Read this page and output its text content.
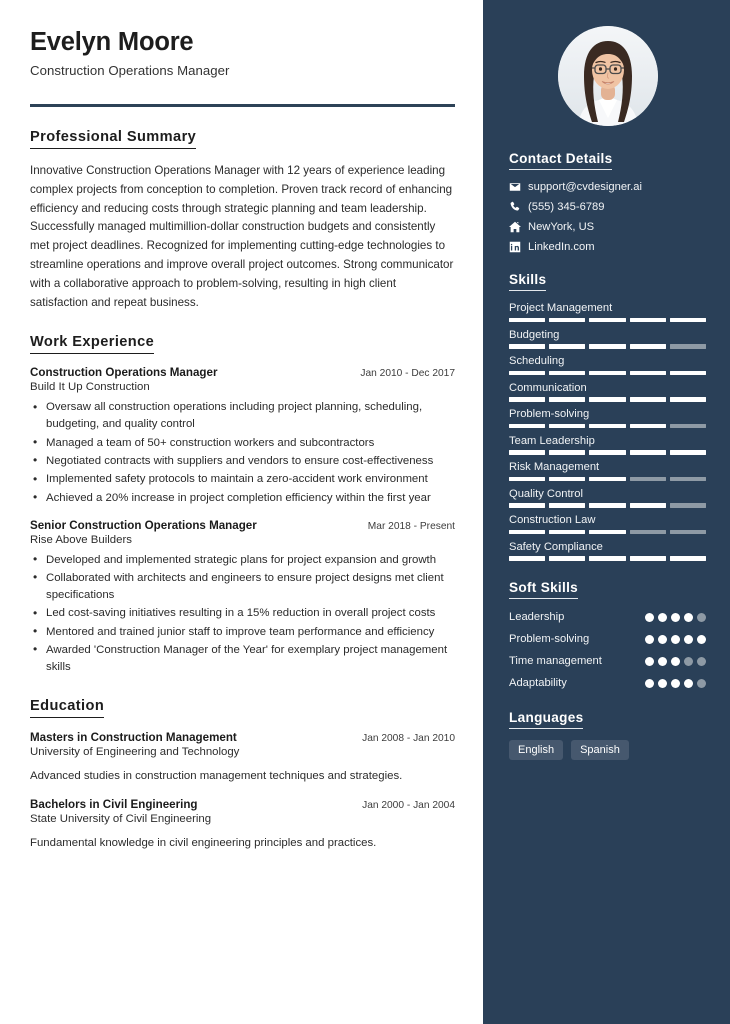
Evelyn Moore
Construction Operations Manager
Professional Summary
Innovative Construction Operations Manager with 12 years of experience leading complex projects from conception to completion. Proven track record of enhancing efficiency and reducing costs through strategic planning and team leadership. Successfully managed multimillion-dollar construction budgets and consistently met project deadlines. Recognized for implementing cutting-edge technologies to streamline operations and improve overall project outcomes. Strong communicator with a collaborative approach to problem-solving, resulting in high client satisfaction and repeat business.
Work Experience
Construction Operations Manager	Jan 2010 - Dec 2017
Build It Up Construction
• Oversaw all construction operations including project planning, scheduling, budgeting, and quality control
• Managed a team of 50+ construction workers and subcontractors
• Negotiated contracts with suppliers and vendors to ensure cost-effectiveness
• Implemented safety protocols to maintain a zero-accident work environment
• Achieved a 20% increase in project completion efficiency within the first year
Senior Construction Operations Manager	Mar 2018 - Present
Rise Above Builders
• Developed and implemented strategic plans for project expansion and growth
• Collaborated with architects and engineers to ensure project designs met client specifications
• Led cost-saving initiatives resulting in a 15% reduction in overall project costs
• Mentored and trained junior staff to improve team performance and efficiency
• Awarded 'Construction Manager of the Year' for exemplary project management skills
Education
Masters in Construction Management	Jan 2008 - Jan 2010
University of Engineering and Technology
Advanced studies in construction management techniques and strategies.
Bachelors in Civil Engineering	Jan 2000 - Jan 2004
State University of Civil Engineering
Fundamental knowledge in civil engineering principles and practices.
Contact Details
support@cvdesigner.ai
(555) 345-6789
NewYork, US
LinkedIn.com
Skills
Project Management
Budgeting
Scheduling
Communication
Problem-solving
Team Leadership
Risk Management
Quality Control
Construction Law
Safety Compliance
Soft Skills
Leadership
Problem-solving
Time management
Adaptability
Languages
English	Spanish
